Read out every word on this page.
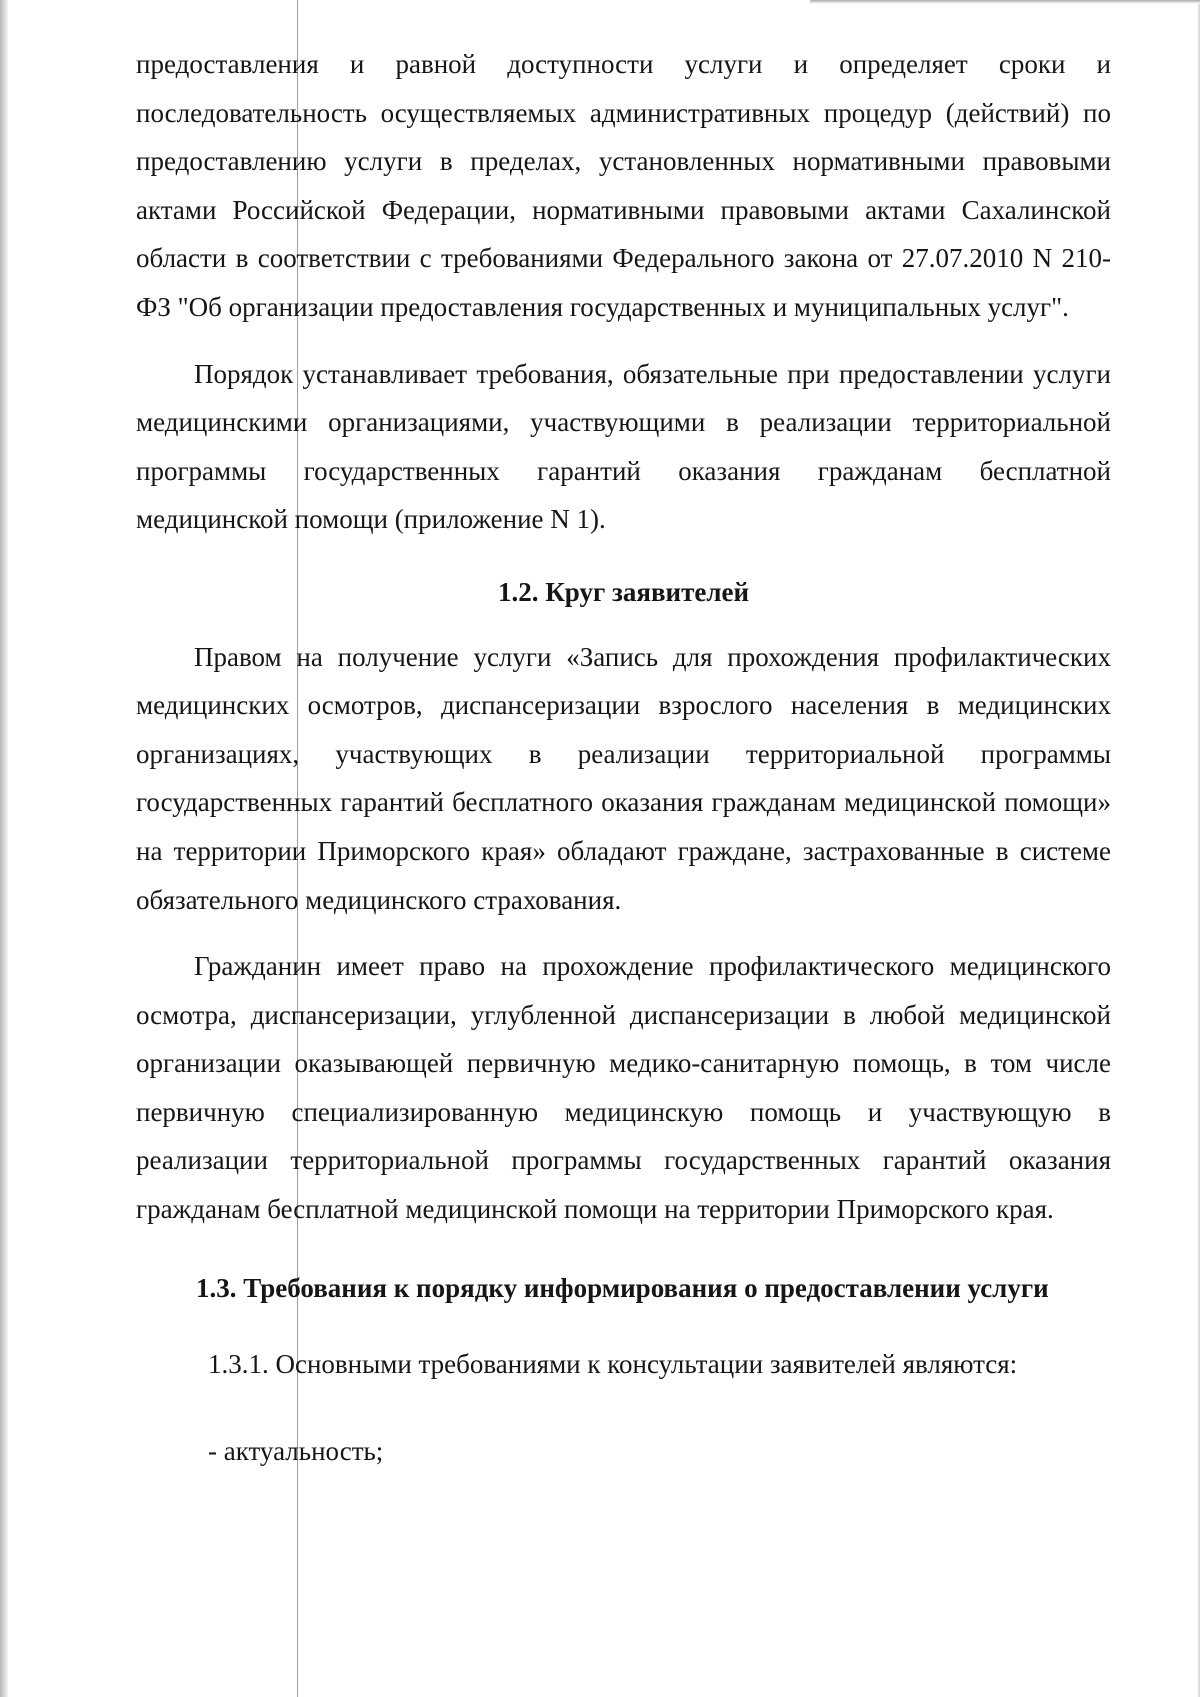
предоставления и равной доступности услуги и определяет сроки и последовательность осуществляемых административных процедур (действий) по предоставлению услуги в пределах, установленных нормативными правовыми актами Российской Федерации, нормативными правовыми актами Сахалинской области в соответствии с требованиями Федерального закона от 27.07.2010 N 210-ФЗ "Об организации предоставления государственных и муниципальных услуг".

Порядок устанавливает требования, обязательные при предоставлении услуги медицинскими организациями, участвующими в реализации территориальной программы государственных гарантий оказания гражданам бесплатной медицинской помощи (приложение N 1).

1.2. Круг заявителей

Правом на получение услуги «Запись для прохождения профилактических медицинских осмотров, диспансеризации взрослого населения в медицинских организациях, участвующих в реализации территориальной программы государственных гарантий бесплатного оказания гражданам медицинской помощи» на территории Приморского края» обладают граждане, застрахованные в системе обязательного медицинского страхования.

Гражданин имеет право на прохождение профилактического медицинского осмотра, диспансеризации, углубленной диспансеризации в любой медицинской организации оказывающей первичную медико-санитарную помощь, в том числе первичную специализированную медицинскую помощь и участвующую в реализации территориальной программы государственных гарантий оказания гражданам бесплатной медицинской помощи на территории Приморского края.

1.3. Требования к порядку информирования о предоставлении услуги

1.3.1. Основными требованиями к консультации заявителей являются:

- актуальность;
